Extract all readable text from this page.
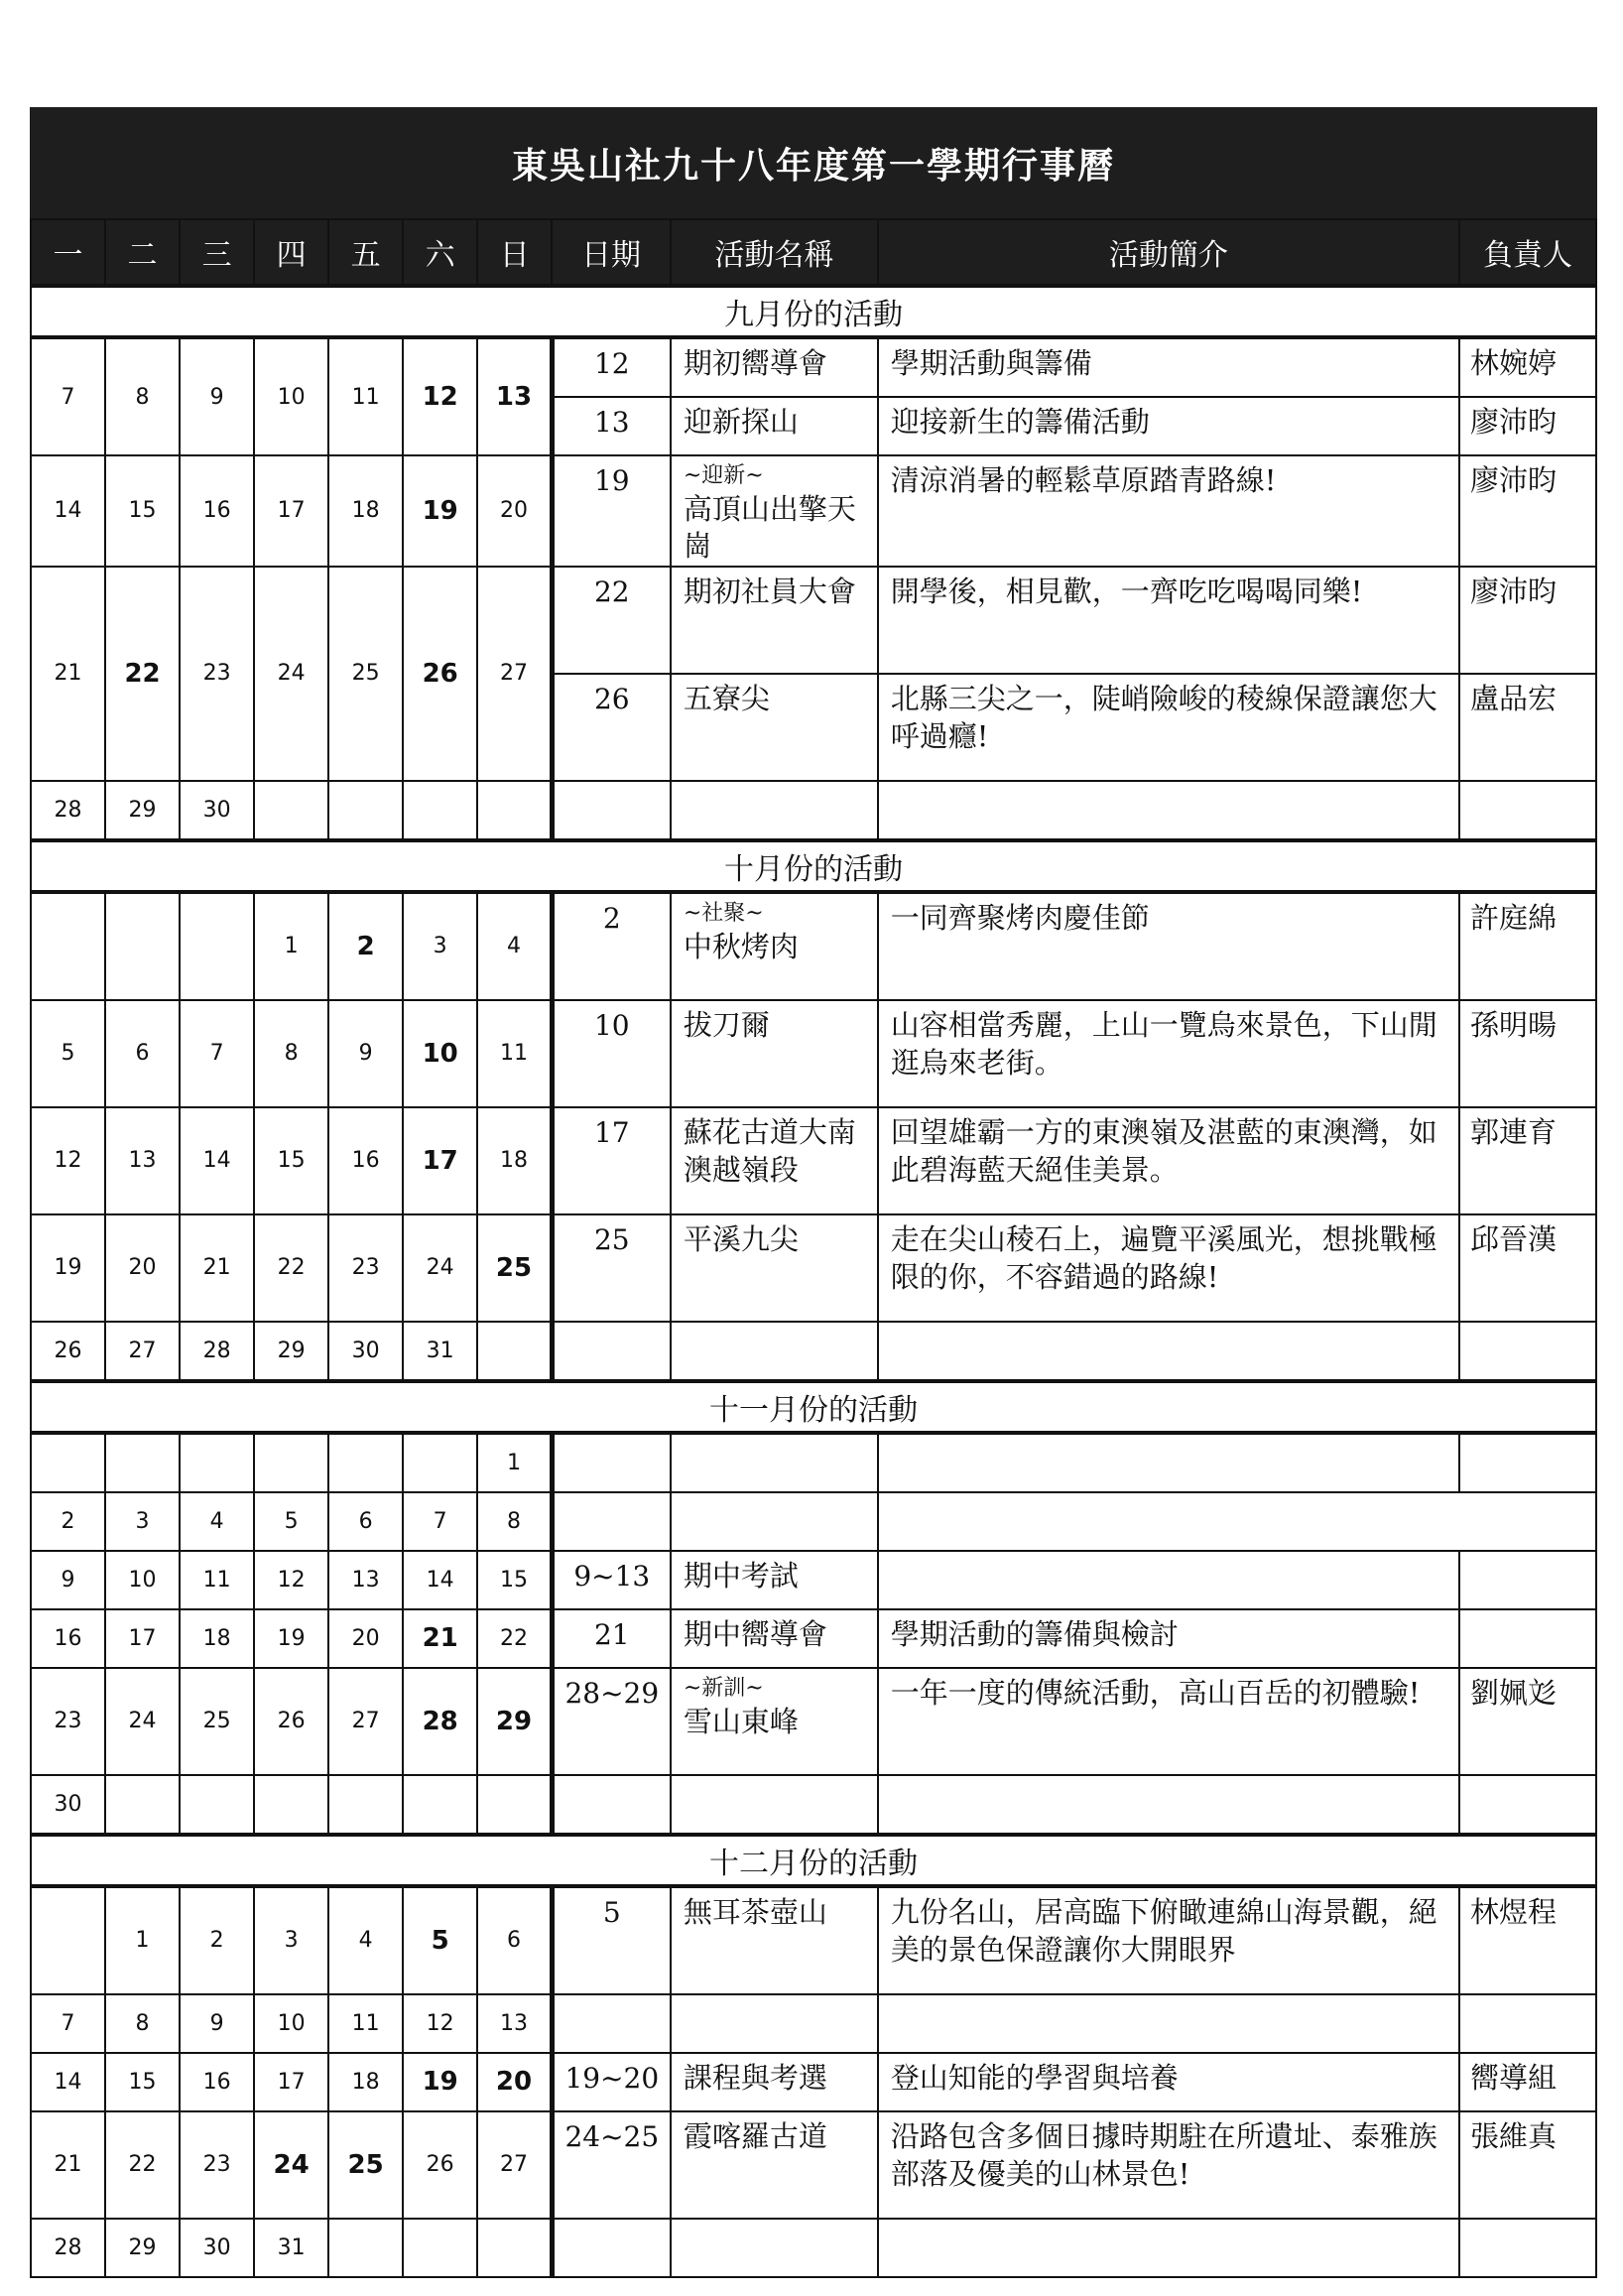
東吳山社九十八年度第一學期行事曆
一	二	三	四	五	六	日	日期	活動名稱	活動簡介	負責人
九月份的活動										
7	8	9	10	11	12	13	12	期初嚮導會	學期活動與籌備	林婉婷
							13	迎新探山	迎接新生的籌備活動	廖沛昀
14	15	16	17	18	19	20	19	~迎新~
高頂山出擎天崗	清涼消暑的輕鬆草原踏青路線!	廖沛昀
21	22	23	24	25	26	27	22	期初社員大會	開學後，相見歡，一齊吃吃喝喝同樂!	廖沛昀
							26	五寮尖	北縣三尖之一，陡峭險峻的稜線保證讓您大呼過癮!	盧品宏
28	29	30								
十月份的活動										
			1	2	3	4	2	~社聚~
中秋烤肉	一同齊聚烤肉慶佳節	許庭綿
5	6	7	8	9	10	11	10	拔刀爾	山容相當秀麗，上山一覽烏來景色，下山閒逛烏來老街。	孫明暘
12	13	14	15	16	17	18	17	蘇花古道大南澳越嶺段	回望雄霸一方的東澳嶺及湛藍的東澳灣，如此碧海藍天絕佳美景。	郭連育
19	20	21	22	23	24	25	25	平溪九尖	走在尖山稜石上，遍覽平溪風光，想挑戰極限的你，不容錯過的路線!	邱晉漢
26	27	28	29	30	31					
十一月份的活動										
						1				
2	3	4	5	6	7	8				
9	10	11	12	13	14	15	9~13	期中考試		
16	17	18	19	20	21	22	21	期中嚮導會	學期活動的籌備與檢討	
23	24	25	26	27	28	29	28~29	~新訓~
雪山東峰	一年一度的傳統活動，高山百岳的初體驗!	劉姵彣
30										
十二月份的活動										
	1	2	3	4	5	6	5	無耳茶壺山	九份名山，居高臨下俯瞰連綿山海景觀，絕美的景色保證讓你大開眼界	林煜程
7	8	9	10	11	12	13				
14	15	16	17	18	19	20	19~20	課程與考選	登山知能的學習與培養	嚮導組
21	22	23	24	25	26	27	24~25	霞喀羅古道	沿路包含多個日據時期駐在所遺址、泰雅族部落及優美的山林景色!	張維真
28	29	30	31							
